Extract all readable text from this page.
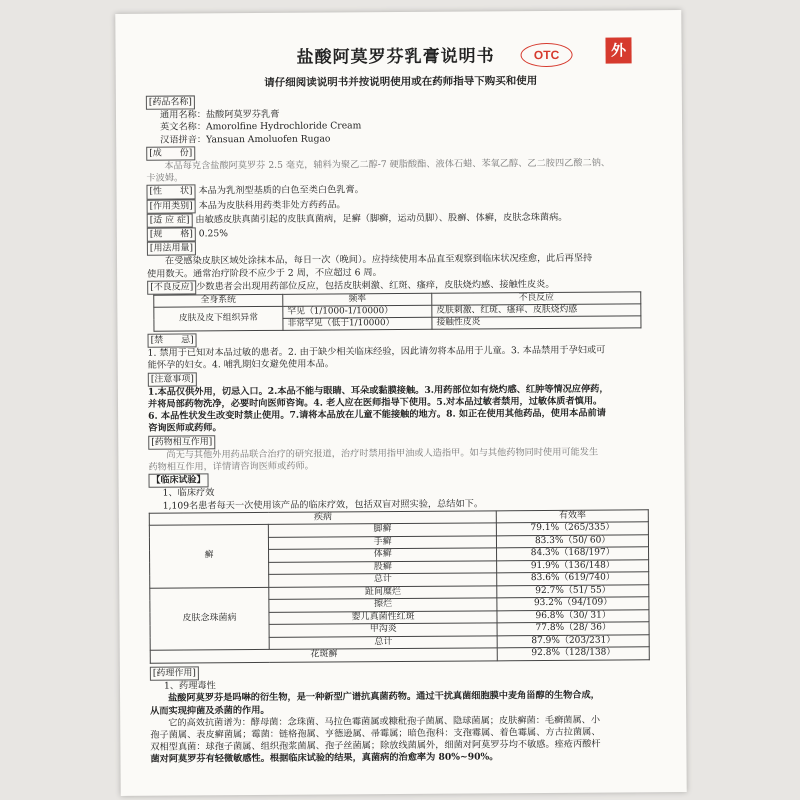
盐酸阿莫罗芬乳膏说明书	OTC	外
请仔细阅读说明书并按说明使用或在药师指导下购买和使用
[药品名称]
通用名称：盐酸阿莫罗芬乳膏
英文名称：Amorolfine Hydrochloride Cream
汉语拼音：Yansuan Amoluofen Rugao
[成　　份]
本品每克含盐酸阿莫罗芬 2.5 毫克，辅料为聚乙二醇-7 硬脂酸酯、液体石蜡、苯氧乙醇、乙二胺四乙酸二钠、
卡波姆。
[性　　状] 本品为乳剂型基质的白色至类白色乳膏。
[作用类别] 本品为皮肤科用药类非处方药药品。
[适 应 症] 由敏感皮肤真菌引起的皮肤真菌病，足癣（脚癣，运动员脚）、股癣、体癣，皮肤念珠菌病。
[规　　格] 0.25%
[用法用量]
在受感染皮肤区域处涂抹本品，每日一次（晚间）。应持续使用本品直至观察到临床状况痊愈，此后再坚持
使用数天。通常治疗阶段不应少于 2 周，不应超过 6 周。
[不良反应] 少数患者会出现用药部位反应，包括皮肤刺激、红斑、瘙痒，皮肤烧灼感、接触性皮炎。
全身系统	频率	不良反应
皮肤及皮下组织异常	罕见（1/1000-1/10000）	皮肤刺激、红斑、瘙痒、皮肤烧灼感
	非常罕见（低于1/10000）	接触性皮炎
[禁　　忌]
1. 禁用于已知对本品过敏的患者。2. 由于缺少相关临床经验，因此请勿将本品用于儿童。3. 本品禁用于孕妇或可
能怀孕的妇女。4. 哺乳期妇女避免使用本品。
[注意事项]
1.本品仅供外用，切忌入口。2.本品不能与眼睛、耳朵或黏膜接触。3.用药部位如有烧灼感、红肿等情况应停药，
并将局部药物洗净，必要时向医师咨询。4. 老人应在医师指导下使用。5.对本品过敏者禁用，过敏体质者慎用。
6. 本品性状发生改变时禁止使用。7.请将本品放在儿童不能接触的地方。8. 如正在使用其他药品，使用本品前请
咨询医师或药师。
[药物相互作用]
尚无与其他外用药品联合治疗的研究报道，治疗时禁用指甲油或人造指甲。如与其他药物同时使用可能发生
药物相互作用，详情请咨询医师或药师。
【临床试验】
1、临床疗效
1,109名患者每天一次使用该产品的临床疗效，包括双盲对照实验，总结如下。
疾病		有效率
癣	脚癣	79.1%（265/335）
	手癣	83.3%（50/ 60）
	体癣	84.3%（168/197）
	股癣	91.9%（136/148）
	总计	83.6%（619/740）
皮肤念珠菌病	趾间糜烂	92.7%（51/ 55）
	擦烂	93.2%（94/109）
	婴儿真菌性红斑	96.8%（30/ 31）
	甲沟炎	77.8%（28/ 36）
	总计	87.9%（203/231）
花斑癣		92.8%（128/138）
[药理作用]
1、药理毒性
盐酸阿莫罗芬是吗啉的衍生物，是一种新型广谱抗真菌药物。通过干扰真菌细胞膜中麦角甾醇的生物合成，
从而实现抑菌及杀菌的作用。
它的高效抗菌谱为：酵母菌：念珠菌、马拉色霉菌属或糠秕孢子菌属、隐球菌属；皮肤癣菌：毛癣菌属、小
孢子菌属、表皮癣菌属；霉菌：链格孢属、亨德逊属、帚霉属；暗色孢科：支孢霉属、着色霉属、方古拉菌属、
双相型真菌：球孢子菌属、组织孢浆菌属、孢子丝菌属；除放线菌属外，细菌对阿莫罗芬均不敏感。痤疮丙酸杆
菌对阿莫罗芬有轻微敏感性。根据临床试验的结果，真菌病的治愈率为 80%~90%。
